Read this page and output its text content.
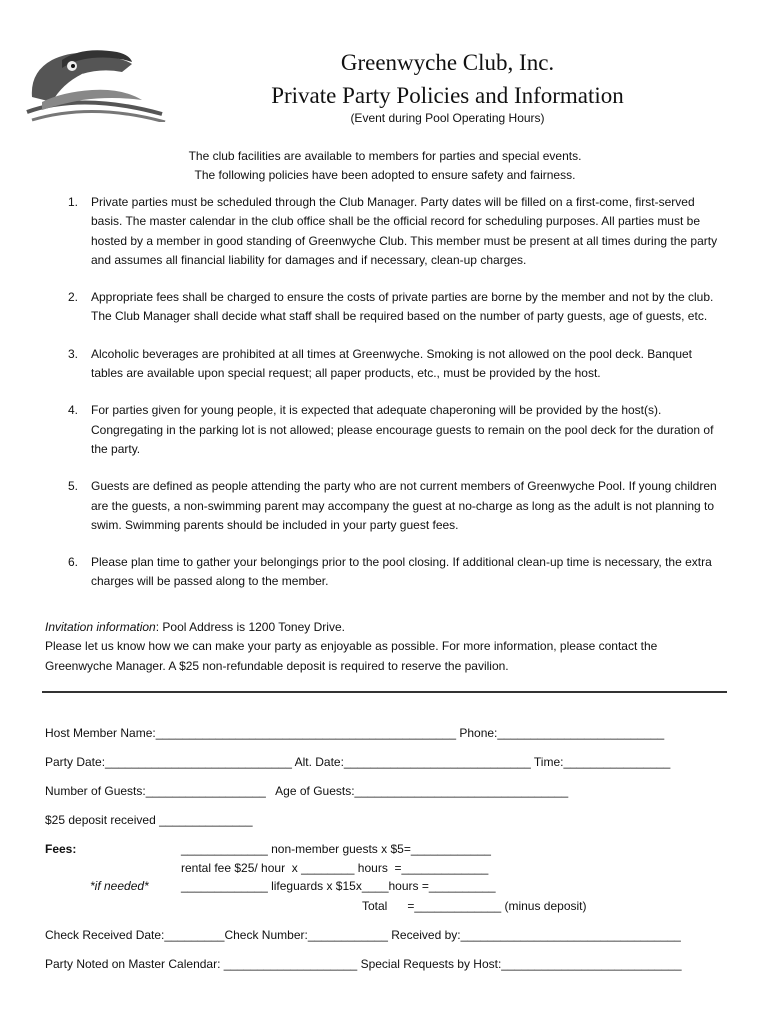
Greenwyche Club, Inc.
Private Party Policies and Information
(Event during Pool Operating Hours)
The club facilities are available to members for parties and special events.
The following policies have been adopted to ensure safety and fairness.
1. Private parties must be scheduled through the Club Manager. Party dates will be filled on a first-come, first-served basis. The master calendar in the club office shall be the official record for scheduling purposes. All parties must be hosted by a member in good standing of Greenwyche Club. This member must be present at all times during the party and assumes all financial liability for damages and if necessary, clean-up charges.
2. Appropriate fees shall be charged to ensure the costs of private parties are borne by the member and not by the club. The Club Manager shall decide what staff shall be required based on the number of party guests, age of guests, etc.
3. Alcoholic beverages are prohibited at all times at Greenwyche. Smoking is not allowed on the pool deck. Banquet tables are available upon special request; all paper products, etc., must be provided by the host.
4. For parties given for young people, it is expected that adequate chaperoning will be provided by the host(s). Congregating in the parking lot is not allowed; please encourage guests to remain on the pool deck for the duration of the party.
5. Guests are defined as people attending the party who are not current members of Greenwyche Pool. If young children are the guests, a non-swimming parent may accompany the guest at no-charge as long as the adult is not planning to swim. Swimming parents should be included in your party guest fees.
6. Please plan time to gather your belongings prior to the pool closing. If additional clean-up time is necessary, the extra charges will be passed along to the member.
Invitation information: Pool Address is 1200 Toney Drive.
Please let us know how we can make your party as enjoyable as possible. For more information, please contact the
Greenwyche Manager. A $25 non-refundable deposit is required to reserve the pavilion.
Host Member Name:_____________________________________________ Phone:_________________________
Party Date:____________________________ Alt. Date:____________________________ Time:________________
Number of Guests:__________________   Age of Guests:________________________________
$25 deposit received ______________
Fees:	_____________ non-member guests x $5=____________
rental fee $25/ hour  x ________ hours  =_____________
*if needed*	_____________ lifeguards x $15x____hours =__________
Total      =_____________ (minus deposit)
Check Received Date:_________Check Number:____________ Received by:_________________________________
Party Noted on Master Calendar: ____________________ Special Requests by Host:___________________________
